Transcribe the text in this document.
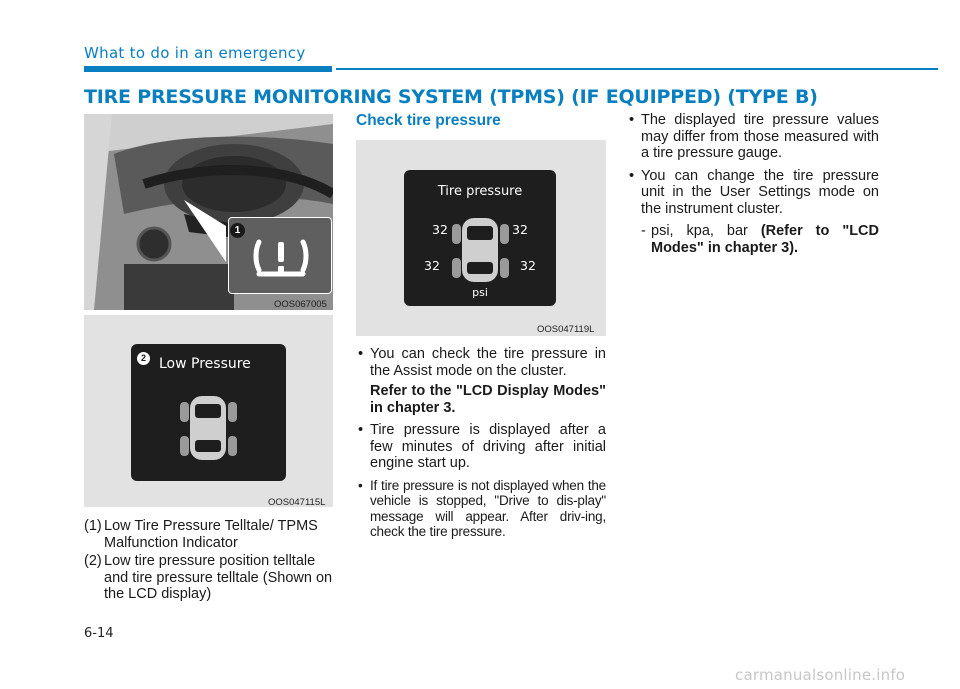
What to do in an emergency
TIRE PRESSURE MONITORING SYSTEM (TPMS) (IF EQUIPPED) (TYPE B)
1
OOS067005
2 Low Pressure
OOS047115L
(1) Low Tire Pressure Telltale/ TPMS Malfunction Indicator
(2) Low tire pressure position telltale and tire pressure telltale (Shown on the LCD display)
Check tire pressure
Tire pressure
32	32
32	32
psi
OOS047119L
• You can check the tire pressure in the Assist mode on the cluster.
Refer to the "LCD Display Modes" in chapter 3.
• Tire pressure is displayed after a few minutes of driving after initial engine start up.
• If tire pressure is not displayed when the vehicle is stopped, "Drive to dis-play" message will appear. After driv-ing, check the tire pressure.
• The displayed tire pressure values may differ from those measured with a tire pressure gauge.
• You can change the tire pressure unit in the User Settings mode on the instrument cluster.
- psi, kpa, bar (Refer to "LCD Modes" in chapter 3).
6-14
carmanualsonline.info
